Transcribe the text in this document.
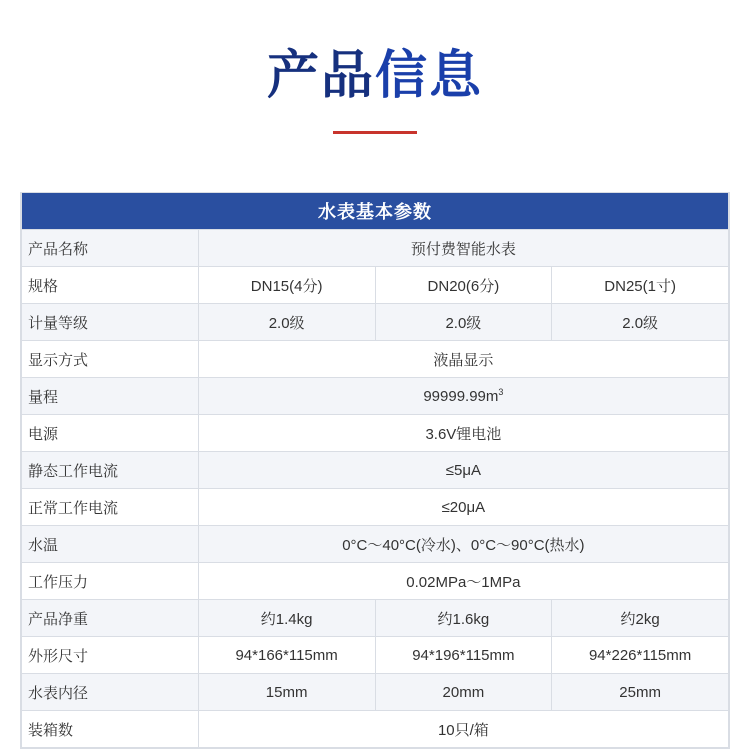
产品信息
水表基本参数			
产品名称	预付费智能水表		
规格	DN15(4分)	DN20(6分)	DN25(1寸)
计量等级	2.0级	2.0级	2.0级
显示方式	液晶显示		
量程	$99999.99m^3$
电源	3.6V锂电池		
静态工作电流	≤5μA		
正常工作电流	≤20μA		
水温	0°C～40°C(冷水)、0°C～90°C(热水)		
工作压力	0.02MPa～1MPa		
产品净重	约1.4kg	约1.6kg	约2kg
外形尺寸	94*166*115mm	94*196*115mm	94*226*115mm
水表内径	15mm	20mm	25mm
装箱数	10只/箱		
